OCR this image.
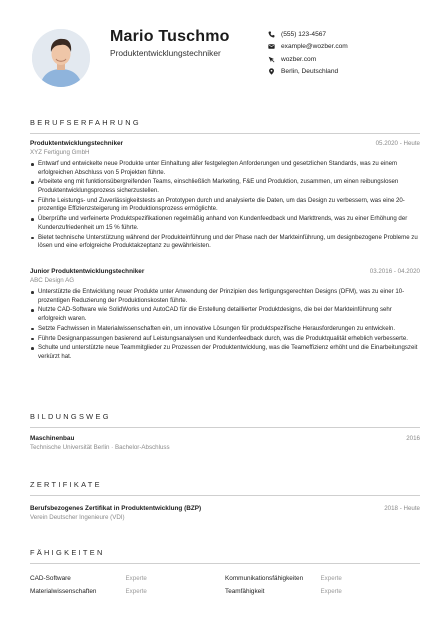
Mario Tuschmo
Produktentwicklungstechniker
(555) 123-4567
example@wozber.com
wozber.com
Berlin, Deutschland
BERUFSERFAHRUNG
Produktentwicklungstechniker	05.2020 - Heute
XYZ Fertigung GmbH
Entwarf und entwickelte neue Produkte unter Einhaltung aller festgelegten Anforderungen und gesetzlichen Standards, was zu einem erfolgreichen Abschluss von 5 Projekten führte.
Arbeitete eng mit funktionsübergreifenden Teams, einschließlich Marketing, F&E und Produktion, zusammen, um einen reibungslosen Produktentwicklungsprozess sicherzustellen.
Führte Leistungs- und Zuverlässigkeitstests an Prototypen durch und analysierte die Daten, um das Design zu verbessern, was eine 20-prozentige Effizienzsteigerung im Produktionsprozess ermöglichte.
Überprüfte und verfeinerte Produktspezifikationen regelmäßig anhand von Kundenfeedback und Markttrends, was zu einer Erhöhung der Kundenzufriedenheit um 15 % führte.
Bietet technische Unterstützung während der Produkteinführung und der Phase nach der Markteinführung, um designbezogene Probleme zu lösen und eine erfolgreiche Produktakzeptanz zu gewährleisten.
Junior Produktentwicklungstechniker	03.2016 - 04.2020
ABC Design AG
Unterstützte die Entwicklung neuer Produkte unter Anwendung der Prinzipien des fertigungsgerechten Designs (DFM), was zu einer 10-prozentigen Reduzierung der Produktionskosten führte.
Nutzte CAD-Software wie SolidWorks und AutoCAD für die Erstellung detaillierter Produktdesigns, die bei der Markteinführung sehr erfolgreich waren.
Setzte Fachwissen in Materialwissenschaften ein, um innovative Lösungen für produktspezifische Herausforderungen zu entwickeln.
Führte Designanpassungen basierend auf Leistungsanalysen und Kundenfeedback durch, was die Produktqualität erheblich verbesserte.
Schulte und unterstützte neue Teammitglieder zu Prozessen der Produktentwicklung, was die Teameffizienz erhöht und die Einarbeitungszeit verkürzt hat.
BILDUNGSWEG
Maschinenbau	2016
Technische Universität Berlin · Bachelor-Abschluss
ZERTIFIKATE
Berufsbezogenes Zertifikat in Produktentwicklung (BZP)	2018 - Heute
Verein Deutscher Ingenieure (VDI)
FÄHIGKEITEN
CAD-Software	Experte	Kommunikationsfähigkeiten	Experte
Materialwissenschaften	Experte	Teamfähigkeit	Experte
